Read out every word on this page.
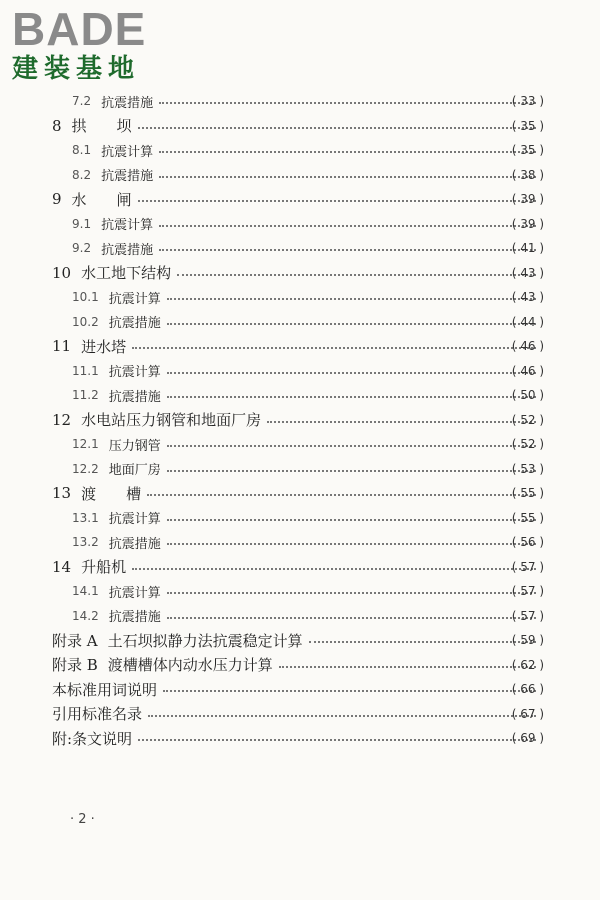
BADE
建装基地
7.2 抗震措施	( 33 )
8 拱　　坝	( 35 )
8.1 抗震计算	( 35 )
8.2 抗震措施	( 38 )
9 水　　闸	( 39 )
9.1 抗震计算	( 39 )
9.2 抗震措施	( 41 )
10 水工地下结构	( 43 )
10.1 抗震计算	( 43 )
10.2 抗震措施	( 44 )
11 进水塔	( 46 )
11.1 抗震计算	( 46 )
11.2 抗震措施	( 50 )
12 水电站压力钢管和地面厂房	( 52 )
12.1 压力钢管	( 52 )
12.2 地面厂房	( 53 )
13 渡　　槽	( 55 )
13.1 抗震计算	( 55 )
13.2 抗震措施	( 56 )
14 升船机	( 57 )
14.1 抗震计算	( 57 )
14.2 抗震措施	( 57 )
附录 A 土石坝拟静力法抗震稳定计算	( 59 )
附录 B 渡槽槽体内动水压力计算	( 62 )
本标准用词说明	( 66 )
引用标准名录	( 67 )
附:条文说明	( 69 )
· 2 ·
